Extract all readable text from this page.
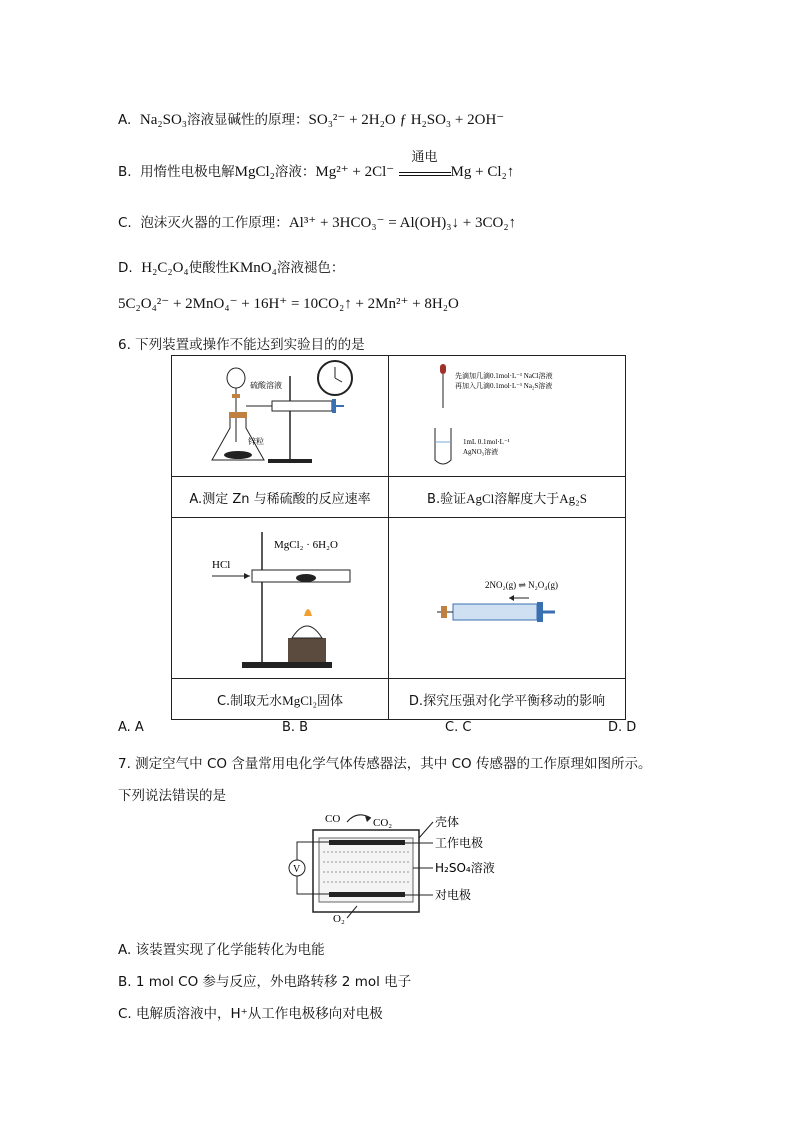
A. Na₂SO₃溶液显碱性的原理：SO₃²⁻ + 2H₂O ƒ H₂SO₃ + 2OH⁻
B. 用惰性电极电解MgCl₂溶液：Mg²⁺ + 2Cl⁻
通电
Mg + Cl₂↑
C. 泡沫灭火器的工作原理：Al³⁺ + 3HCO₃⁻ = Al(OH)₃↓ + 3CO₂↑
D. H₂C₂O₄使酸性KMnO₄溶液褪色：
5C₂O₄²⁻ + 2MnO₄⁻ + 16H⁺ = 10CO₂↑ + 2Mn²⁺ + 8H₂O
6. 下列装置或操作不能达到实验目的的是
硫酸溶液
锌粒	先滴加几滴0.1mol·L⁻¹ NaCl溶液
再加入几滴0.1mol·L⁻¹ Na₂S溶液
1mL 0.1mol·L⁻¹
AgNO₃溶液

A.测定 Zn 与稀硫酸的反应速率	B.验证AgCl溶解度大于Ag₂S

HCl
MgCl₂ · 6H₂O	2NO₂(g) ⇌ N₂O₄(g)

C.制取无水MgCl₂固体	D.探究压强对化学平衡移动的影响
A. A	B. B	C. C	D. D
7. 测定空气中 CO 含量常用电化学气体传感器法，其中 CO 传感器的工作原理如图所示。
下列说法错误的是
V
CO	CO₂
O₂
壳体
工作电极
H₂SO₄溶液
对电极
A. 该装置实现了化学能转化为电能
B. 1 mol CO 参与反应，外电路转移 2 mol 电子
C. 电解质溶液中，H⁺从工作电极移向对电极
